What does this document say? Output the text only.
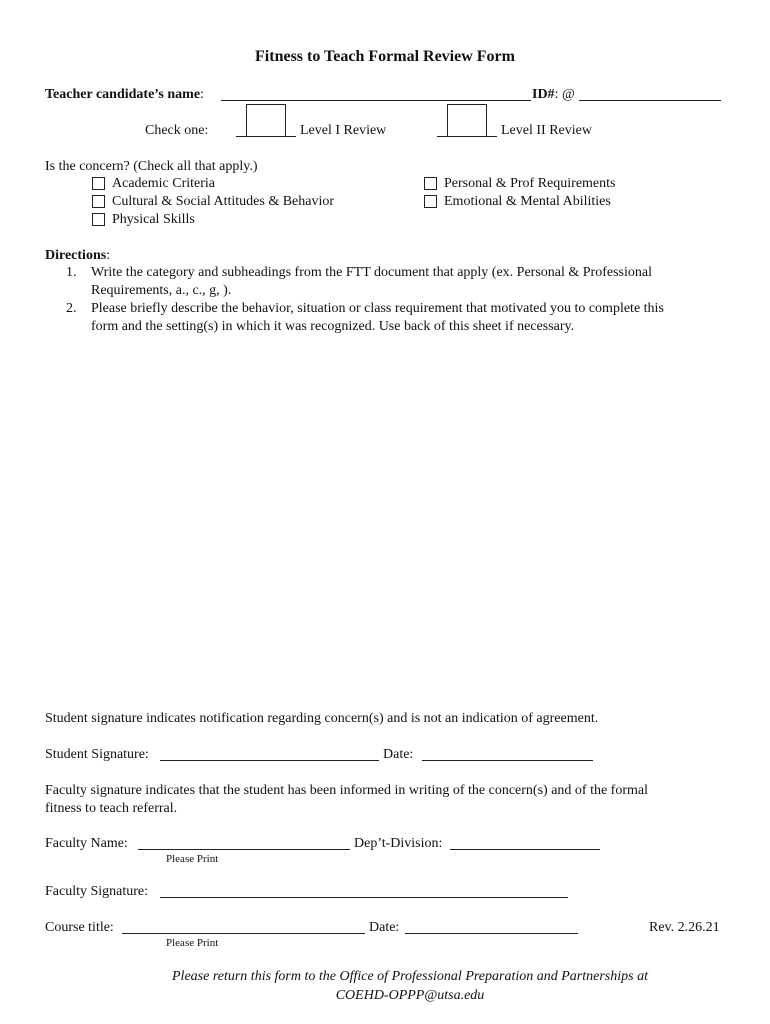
Fitness to Teach Formal Review Form
Teacher candidate’s name:	ID#: @
Check one:	Level I Review	Level II Review
Is the concern? (Check all that apply.)
Academic Criteria
Cultural & Social Attitudes & Behavior
Physical Skills
Personal & Prof Requirements
Emotional & Mental Abilities
Directions:
1. Write the category and subheadings from the FTT document that apply (ex. Personal & Professional
Requirements, a., c., g, ).
2. Please briefly describe the behavior, situation or class requirement that motivated you to complete this
form and the setting(s) in which it was recognized. Use back of this sheet if necessary.
Student signature indicates notification regarding concern(s) and is not an indication of agreement.
Student Signature:	Date:
Faculty signature indicates that the student has been informed in writing of the concern(s) and of the formal
fitness to teach referral.
Faculty Name:	Dep’t-Division:
Please Print
Faculty Signature:
Course title:	Date:	Rev. 2.26.21
Please Print
Please return this form to the Office of Professional Preparation and Partnerships at
COEHD-OPPP@utsa.edu
